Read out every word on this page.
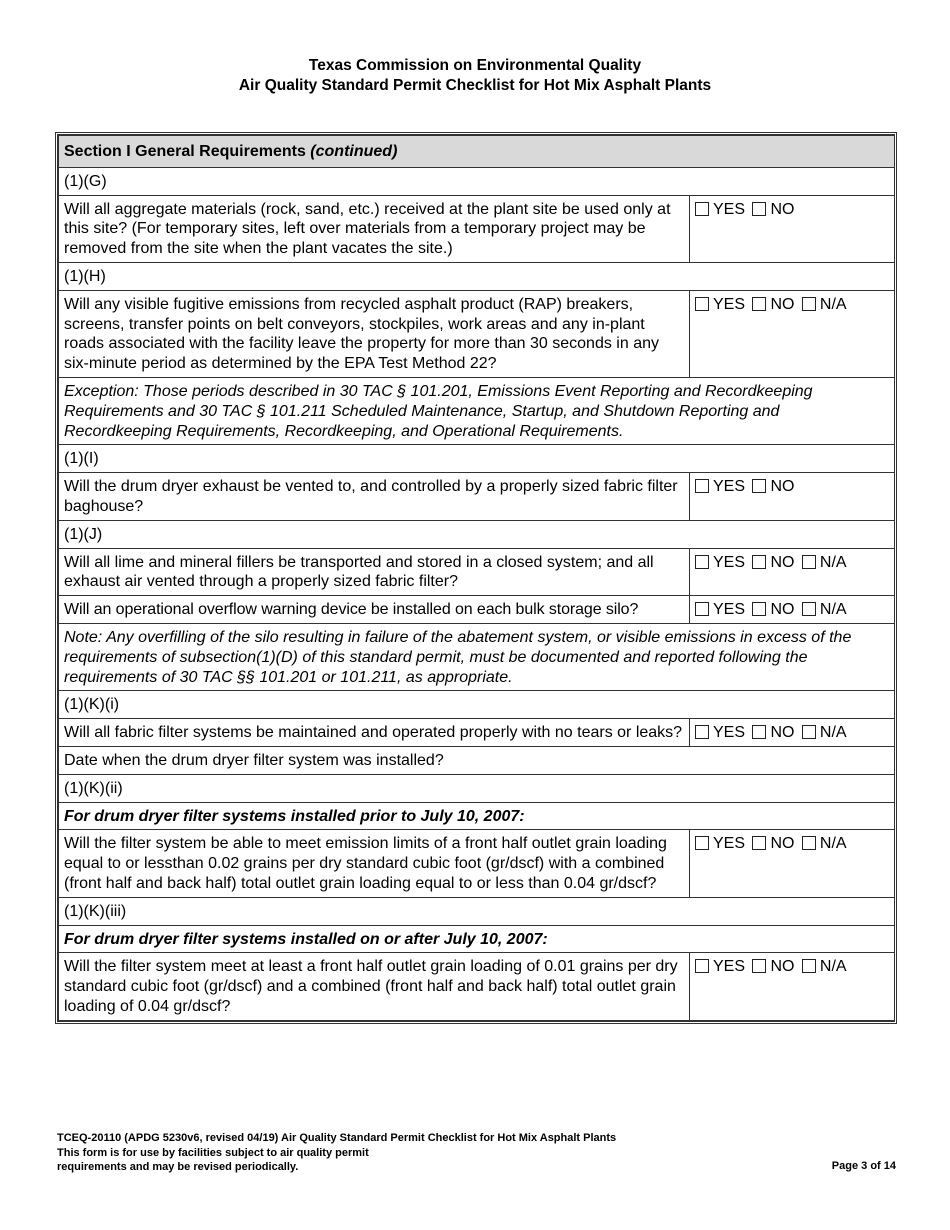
Texas Commission on Environmental Quality
Air Quality Standard Permit Checklist for Hot Mix Asphalt Plants
Section I General Requirements (continued)	
(1)(G)	
Will all aggregate materials (rock, sand, etc.) received at the plant site be used only at this site? (For temporary sites, left over materials from a temporary project may be removed from the site when the plant vacates the site.)	YES NO
(1)(H)	
Will any visible fugitive emissions from recycled asphalt product (RAP) breakers, screens, transfer points on belt conveyors, stockpiles, work areas and any in-plant roads associated with the facility leave the property for more than 30 seconds in any six-minute period as determined by the EPA Test Method 22?	YES NO N/A
Exception: Those periods described in 30 TAC § 101.201, Emissions Event Reporting and Recordkeeping Requirements and 30 TAC § 101.211 Scheduled Maintenance, Startup, and Shutdown Reporting and Recordkeeping Requirements, Recordkeeping, and Operational Requirements.	
(1)(I)	
Will the drum dryer exhaust be vented to, and controlled by a properly sized fabric filter baghouse?	YES NO
(1)(J)	
Will all lime and mineral fillers be transported and stored in a closed system; and all exhaust air vented through a properly sized fabric filter?	YES NO N/A
Will an operational overflow warning device be installed on each bulk storage silo?	YES NO N/A
Note: Any overfilling of the silo resulting in failure of the abatement system, or visible emissions in excess of the requirements of subsection(1)(D) of this standard permit, must be documented and reported following the requirements of 30 TAC §§ 101.201 or 101.211, as appropriate.	
(1)(K)(i)	
Will all fabric filter systems be maintained and operated properly with no tears or leaks?	YES NO N/A
Date when the drum dryer filter system was installed?	
(1)(K)(ii)	
For drum dryer filter systems installed prior to July 10, 2007:	
Will the filter system be able to meet emission limits of a front half outlet grain loading equal to or lessthan 0.02 grains per dry standard cubic foot (gr/dscf) with a combined (front half and back half) total outlet grain loading equal to or less than 0.04 gr/dscf?	YES NO N/A
(1)(K)(iii)	
For drum dryer filter systems installed on or after July 10, 2007:	
Will the filter system meet at least a front half outlet grain loading of 0.01 grains per dry standard cubic foot (gr/dscf) and a combined (front half and back half) total outlet grain loading of 0.04 gr/dscf?	YES NO N/A
TCEQ-20110 (APDG 5230v6, revised 04/19) Air Quality Standard Permit Checklist for Hot Mix Asphalt Plants
This form is for use by facilities subject to air quality permit
requirements and may be revised periodically.	Page 3 of 14
